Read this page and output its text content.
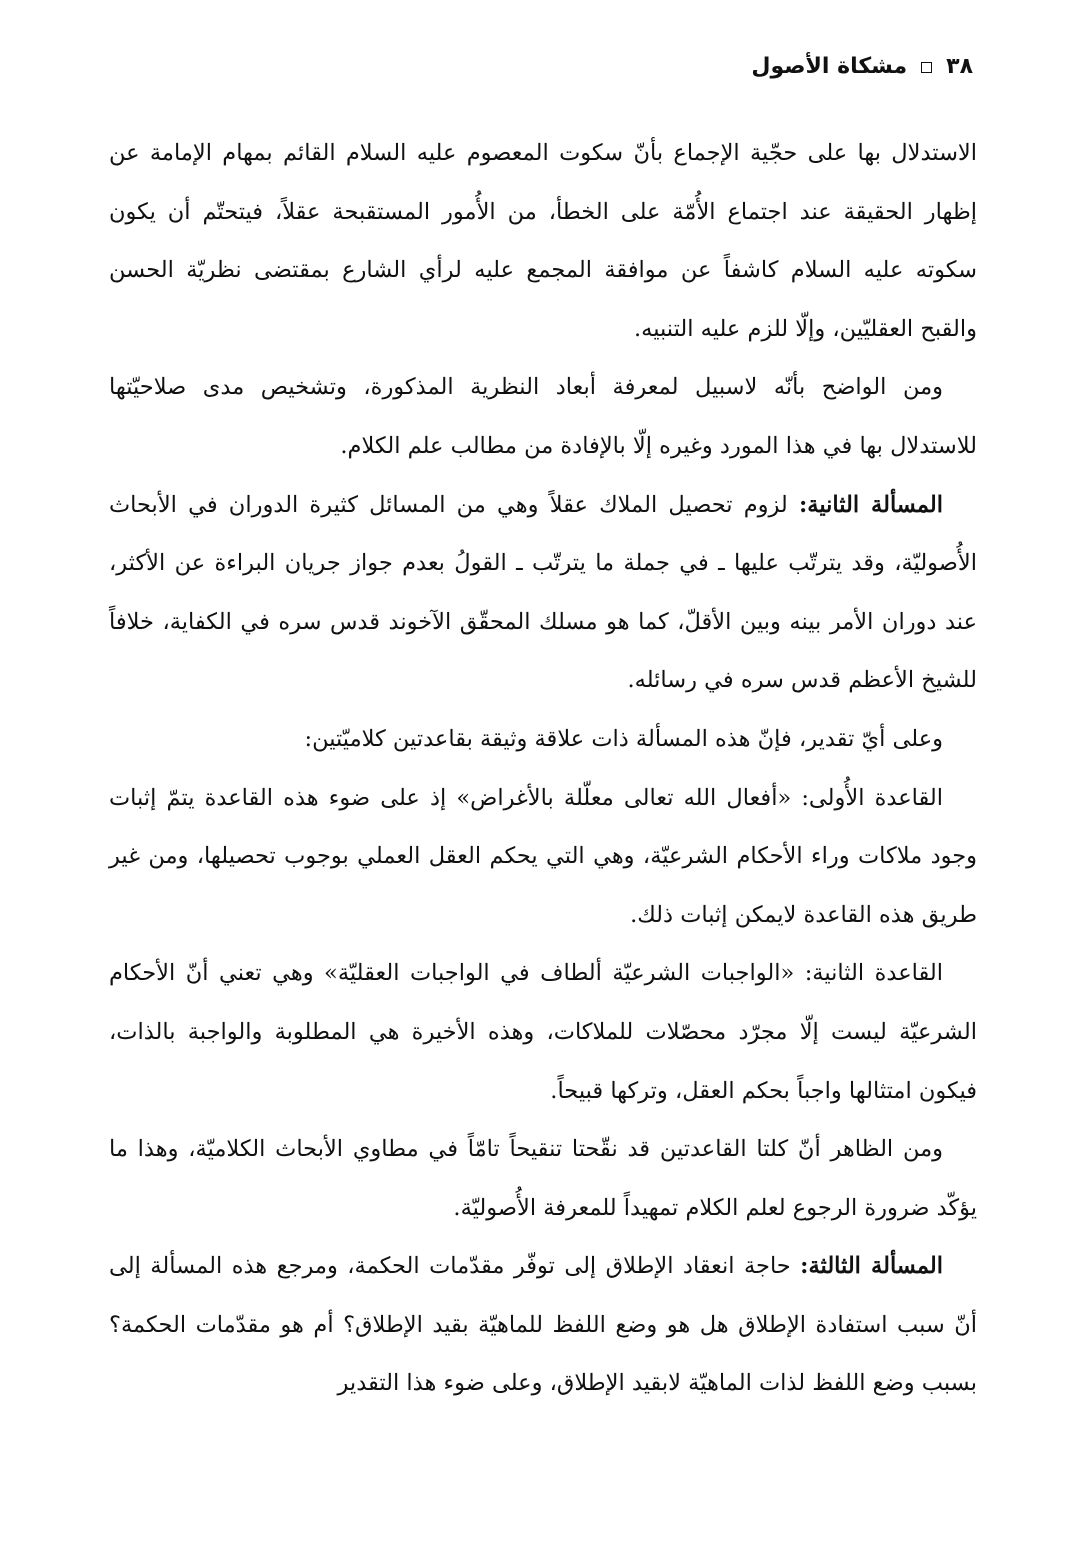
٣٨
مشكاة الأصول

الاستدلال بها على حجّية الإجماع بأنّ سكوت المعصوم عليه السلام القائم بمهام الإمامة عن إظهار الحقيقة عند اجتماع الأُمّة على الخطأ، من الأُمور المستقبحة عقلاً، فيتحتّم أن يكون سكوته عليه السلام كاشفاً عن موافقة المجمع عليه لرأي الشارع بمقتضى نظريّة الحسن والقبح العقليّين، وإلّا للزم عليه التنبيه.

ومن الواضح بأنّه لاسبيل لمعرفة أبعاد النظرية المذكورة، وتشخيص مدى صلاحيّتها للاستدلال بها في هذا المورد وغيره إلّا بالإفادة من مطالب علم الكلام.

المسألة الثانية: لزوم تحصيل الملاك عقلاً وهي من المسائل كثيرة الدوران في الأبحاث الأُصوليّة، وقد يترتّب عليها ـ في جملة ما يترتّب ـ القولُ بعدم جواز جريان البراءة عن الأكثر، عند دوران الأمر بينه وبين الأقلّ، كما هو مسلك المحقّق الآخوند قدس سره في الكفاية، خلافاً للشيخ الأعظم قدس سره في رسائله.

وعلى أيّ تقدير، فإنّ هذه المسألة ذات علاقة وثيقة بقاعدتين كلاميّتين:

القاعدة الأُولى: «أفعال الله تعالى معلّلة بالأغراض» إذ على ضوء هذه القاعدة يتمّ إثبات وجود ملاكات وراء الأحكام الشرعيّة، وهي التي يحكم العقل العملي بوجوب تحصيلها، ومن غير طريق هذه القاعدة لايمكن إثبات ذلك.

القاعدة الثانية: «الواجبات الشرعيّة ألطاف في الواجبات العقليّة» وهي تعني أنّ الأحكام الشرعيّة ليست إلّا مجرّد محصّلات للملاكات، وهذه الأخيرة هي المطلوبة والواجبة بالذات، فيكون امتثالها واجباً بحكم العقل، وتركها قبيحاً.

ومن الظاهر أنّ كلتا القاعدتين قد نقّحتا تنقيحاً تامّاً في مطاوي الأبحاث الكلاميّة، وهذا ما يؤكّد ضرورة الرجوع لعلم الكلام تمهيداً للمعرفة الأُصوليّة.

المسألة الثالثة: حاجة انعقاد الإطلاق إلى توفّر مقدّمات الحكمة، ومرجع هذه المسألة إلى أنّ سبب استفادة الإطلاق هل هو وضع اللفظ للماهيّة بقيد الإطلاق؟ أم هو مقدّمات الحكمة؟ بسبب وضع اللفظ لذات الماهيّة لابقيد الإطلاق، وعلى ضوء هذا التقدير
